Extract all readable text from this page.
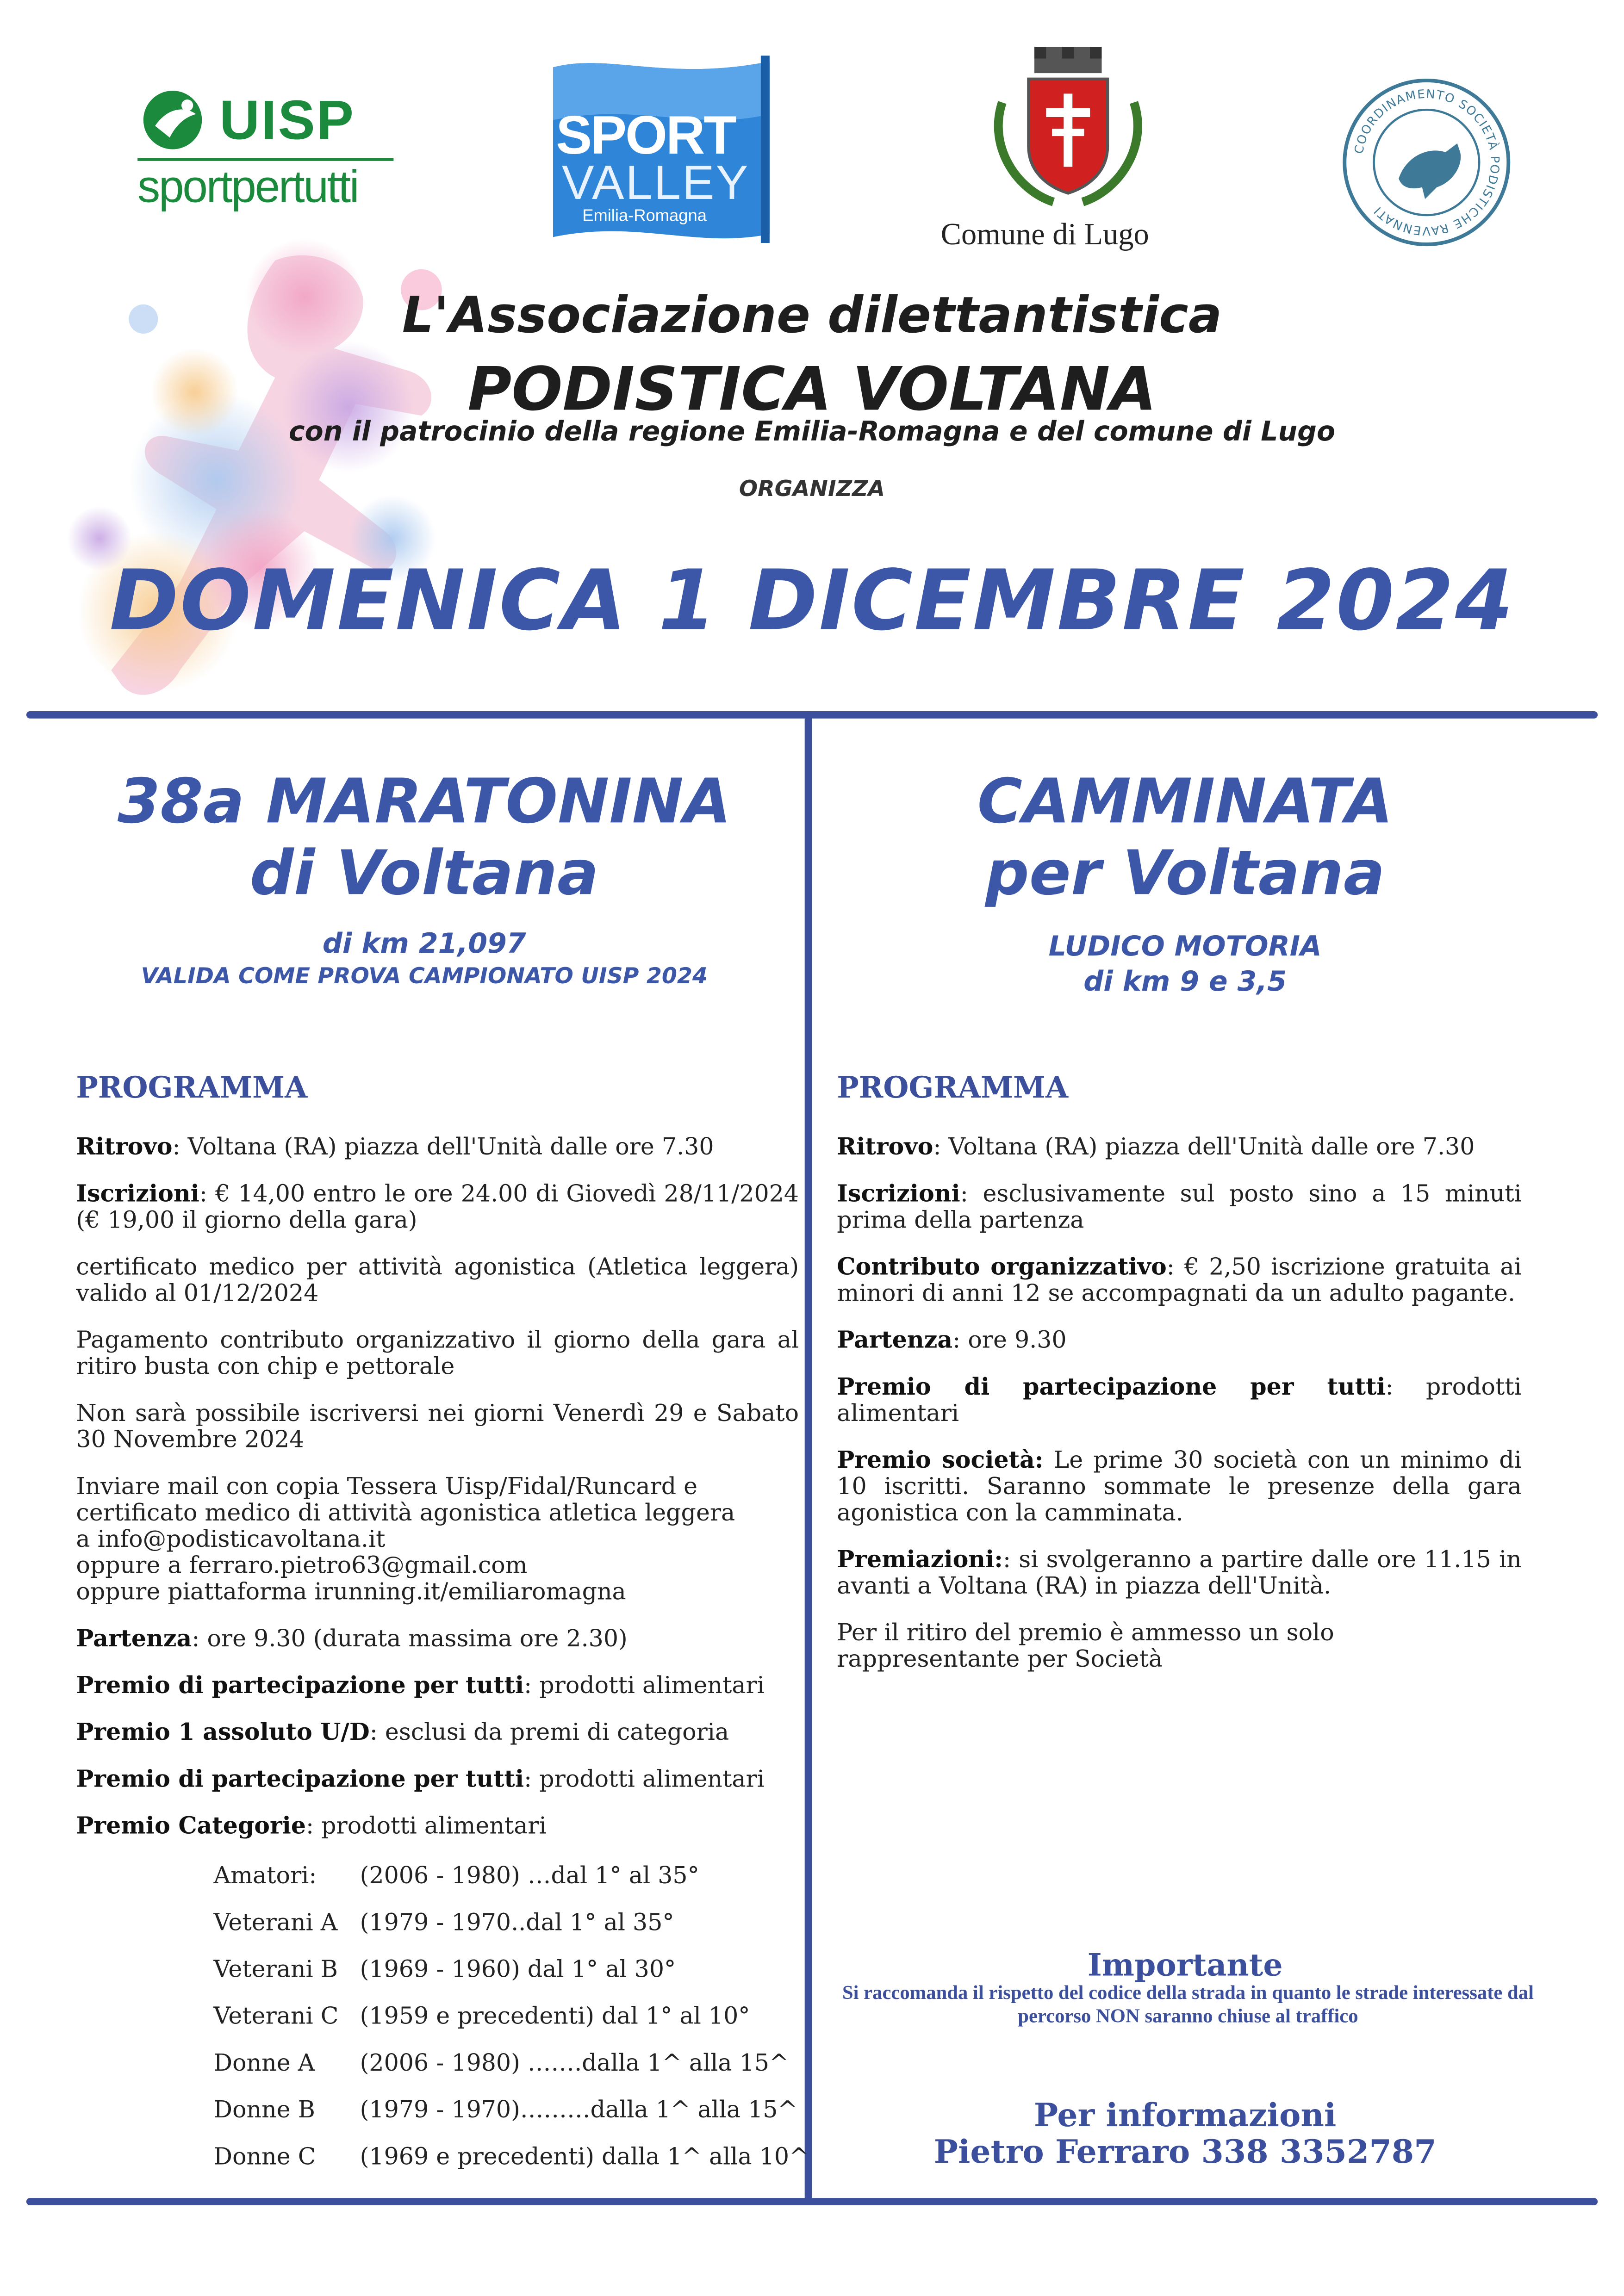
UISP
sportpertutti
SPORT
VALLEY
Emilia-Romagna	Comune di Lugo
COORDINAMENTO SOCIETÀ PODISTICHE RAVENNATI
L'Associazione dilettantistica
PODISTICA VOLTANA
con il patrocinio della regione Emilia-Romagna e del comune di Lugo
ORGANIZZA
DOMENICA 1 DICEMBRE 2024
38a MARATONINA
di Voltana
di km 21,097
VALIDA COME PROVA CAMPIONATO UISP 2024
CAMMINATA
per Voltana
LUDICO MOTORIA
di km 9 e 3,5
PROGRAMMA	PROGRAMMA

Ritrovo: Voltana (RA) piazza dell'Unità dalle ore 7.30

Iscrizioni: € 14,00 entro le ore 24.00 di Giovedì 28/11/2024 (€ 19,00 il giorno della gara)

certificato medico per attività agonistica (Atletica leggera) valido al 01/12/2024

Pagamento contributo organizzativo il giorno della gara al ritiro busta con chip e pettorale

Non sarà possibile iscriversi nei giorni Venerdì 29 e Sabato 30 Novembre 2024

Inviare mail con copia Tessera Uisp/Fidal/Runcard e
certificato medico di attività agonistica atletica leggera
a info@podisticavoltana.it
oppure a ferraro.pietro63@gmail.com
oppure piattaforma irunning.it/emiliaromagna

Partenza: ore 9.30 (durata massima ore 2.30)

Premio di partecipazione per tutti: prodotti alimentari

Premio 1 assoluto U/D: esclusi da premi di categoria

Premio di partecipazione per tutti: prodotti alimentari

Premio Categorie: prodotti alimentari

Amatori:	(2006 - 1980) …dal 1° al 35°
Veterani A	(1979 - 1970..dal 1° al 35°
Veterani B	(1969 - 1960) dal 1° al 30°
Veterani C	(1959 e precedenti) dal 1° al 10°
Donne A	(2006 - 1980) …….dalla 1^ alla 15^
Donne B	(1979 - 1970)………dalla 1^ alla 15^
Donne C	(1969 e precedenti) dalla 1^ alla 10^

Ritrovo: Voltana (RA) piazza dell'Unità dalle ore 7.30

Iscrizioni: esclusivamente sul posto sino a 15 minuti prima della partenza

Contributo organizzativo: € 2,50 iscrizione gratuita ai minori di anni 12 se accompagnati da un adulto pagante.

Partenza: ore 9.30

Premio di partecipazione per tutti: prodotti alimentari

Premio società: Le prime 30 società con un minimo di 10 iscritti. Saranno sommate le presenze della gara agonistica con la camminata.

Premiazioni:: si svolgeranno a partire dalle ore 11.15 in avanti a Voltana (RA) in piazza dell'Unità.

Per il ritiro del premio è ammesso un solo rappresentante per Società

Importante
Si raccomanda il rispetto del codice della strada in quanto le strade interessate dal percorso NON saranno chiuse al traffico
Per informazioni
Pietro Ferraro 338 3352787
